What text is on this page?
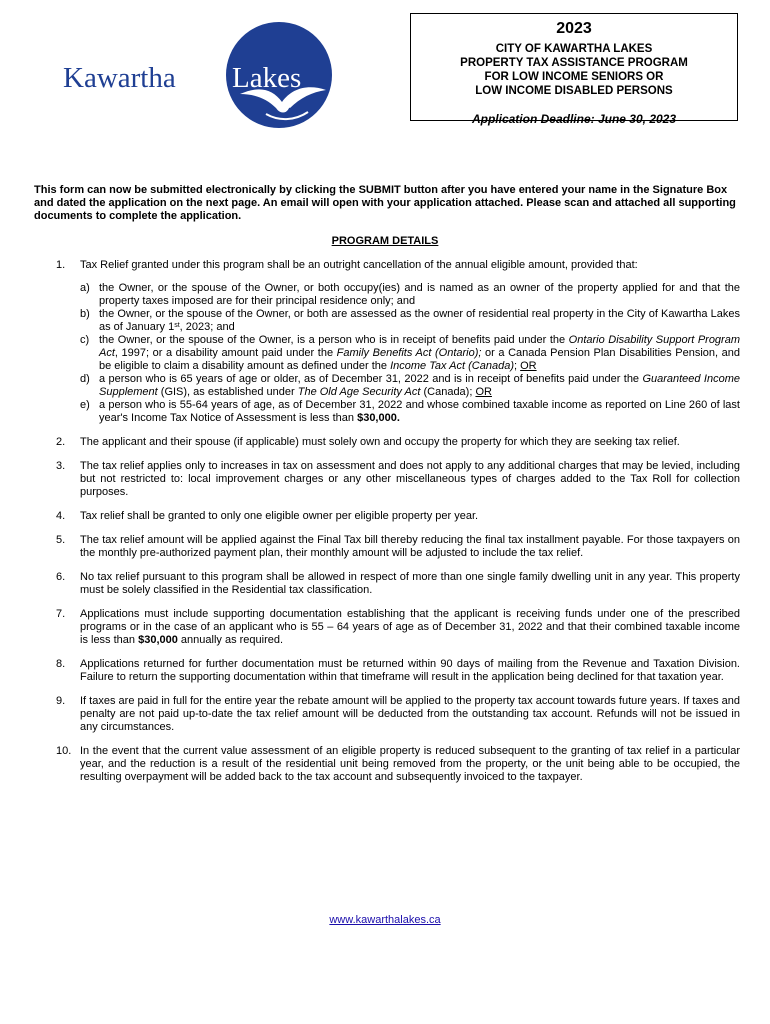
Kawartha Lakes
2023
CITY OF KAWARTHA LAKES
PROPERTY TAX ASSISTANCE PROGRAM
FOR LOW INCOME SENIORS OR
LOW INCOME DISABLED PERSONS
Application Deadline: June 30, 2023
This form can now be submitted electronically by clicking the SUBMIT button after you have entered your name in the Signature Box and dated the application on the next page. An email will open with your application attached. Please scan and attached all supporting documents to complete the application.
PROGRAM DETAILS
1.	Tax Relief granted under this program shall be an outright cancellation of the annual eligible amount, provided that:
a) the Owner, or the spouse of the Owner, or both occupy(ies) and is named as an owner of the property applied for and that the property taxes imposed are for their principal residence only; and
b) the Owner, or the spouse of the Owner, or both are assessed as the owner of residential real property in the City of Kawartha Lakes as of January 1st, 2023; and
c) the Owner, or the spouse of the Owner, is a person who is in receipt of benefits paid under the Ontario Disability Support Program Act, 1997; or a disability amount paid under the Family Benefits Act (Ontario); or a Canada Pension Plan Disabilities Pension, and be eligible to claim a disability amount as defined under the Income Tax Act (Canada); OR
d) a person who is 65 years of age or older, as of December 31, 2022 and is in receipt of benefits paid under the Guaranteed Income Supplement (GIS), as established under The Old Age Security Act (Canada); OR
e) a person who is 55-64 years of age, as of December 31, 2022 and whose combined taxable income as reported on Line 260 of last year's Income Tax Notice of Assessment is less than $30,000.
2.	The applicant and their spouse (if applicable) must solely own and occupy the property for which they are seeking tax relief.
3.	The tax relief applies only to increases in tax on assessment and does not apply to any additional charges that may be levied, including but not restricted to: local improvement charges or any other miscellaneous types of charges added to the Tax Roll for collection purposes.
4.	Tax relief shall be granted to only one eligible owner per eligible property per year.
5.	The tax relief amount will be applied against the Final Tax bill thereby reducing the final tax installment payable. For those taxpayers on the monthly pre-authorized payment plan, their monthly amount will be adjusted to include the tax relief.
6.	No tax relief pursuant to this program shall be allowed in respect of more than one single family dwelling unit in any year. This property must be solely classified in the Residential tax classification.
7.	Applications must include supporting documentation establishing that the applicant is receiving funds under one of the prescribed programs or in the case of an applicant who is 55 – 64 years of age as of December 31, 2022 and that their combined taxable income is less than $30,000 annually as required.
8.	Applications returned for further documentation must be returned within 90 days of mailing from the Revenue and Taxation Division. Failure to return the supporting documentation within that timeframe will result in the application being declined for that taxation year.
9.	If taxes are paid in full for the entire year the rebate amount will be applied to the property tax account towards future years. If taxes and penalty are not paid up-to-date the tax relief amount will be deducted from the outstanding tax account. Refunds will not be issued in any circumstances.
10. In the event that the current value assessment of an eligible property is reduced subsequent to the granting of tax relief in a particular year, and the reduction is a result of the residential unit being removed from the property, or the unit being able to be occupied, the resulting overpayment will be added back to the tax account and subsequently invoiced to the taxpayer.
www.kawarthalakes.ca
